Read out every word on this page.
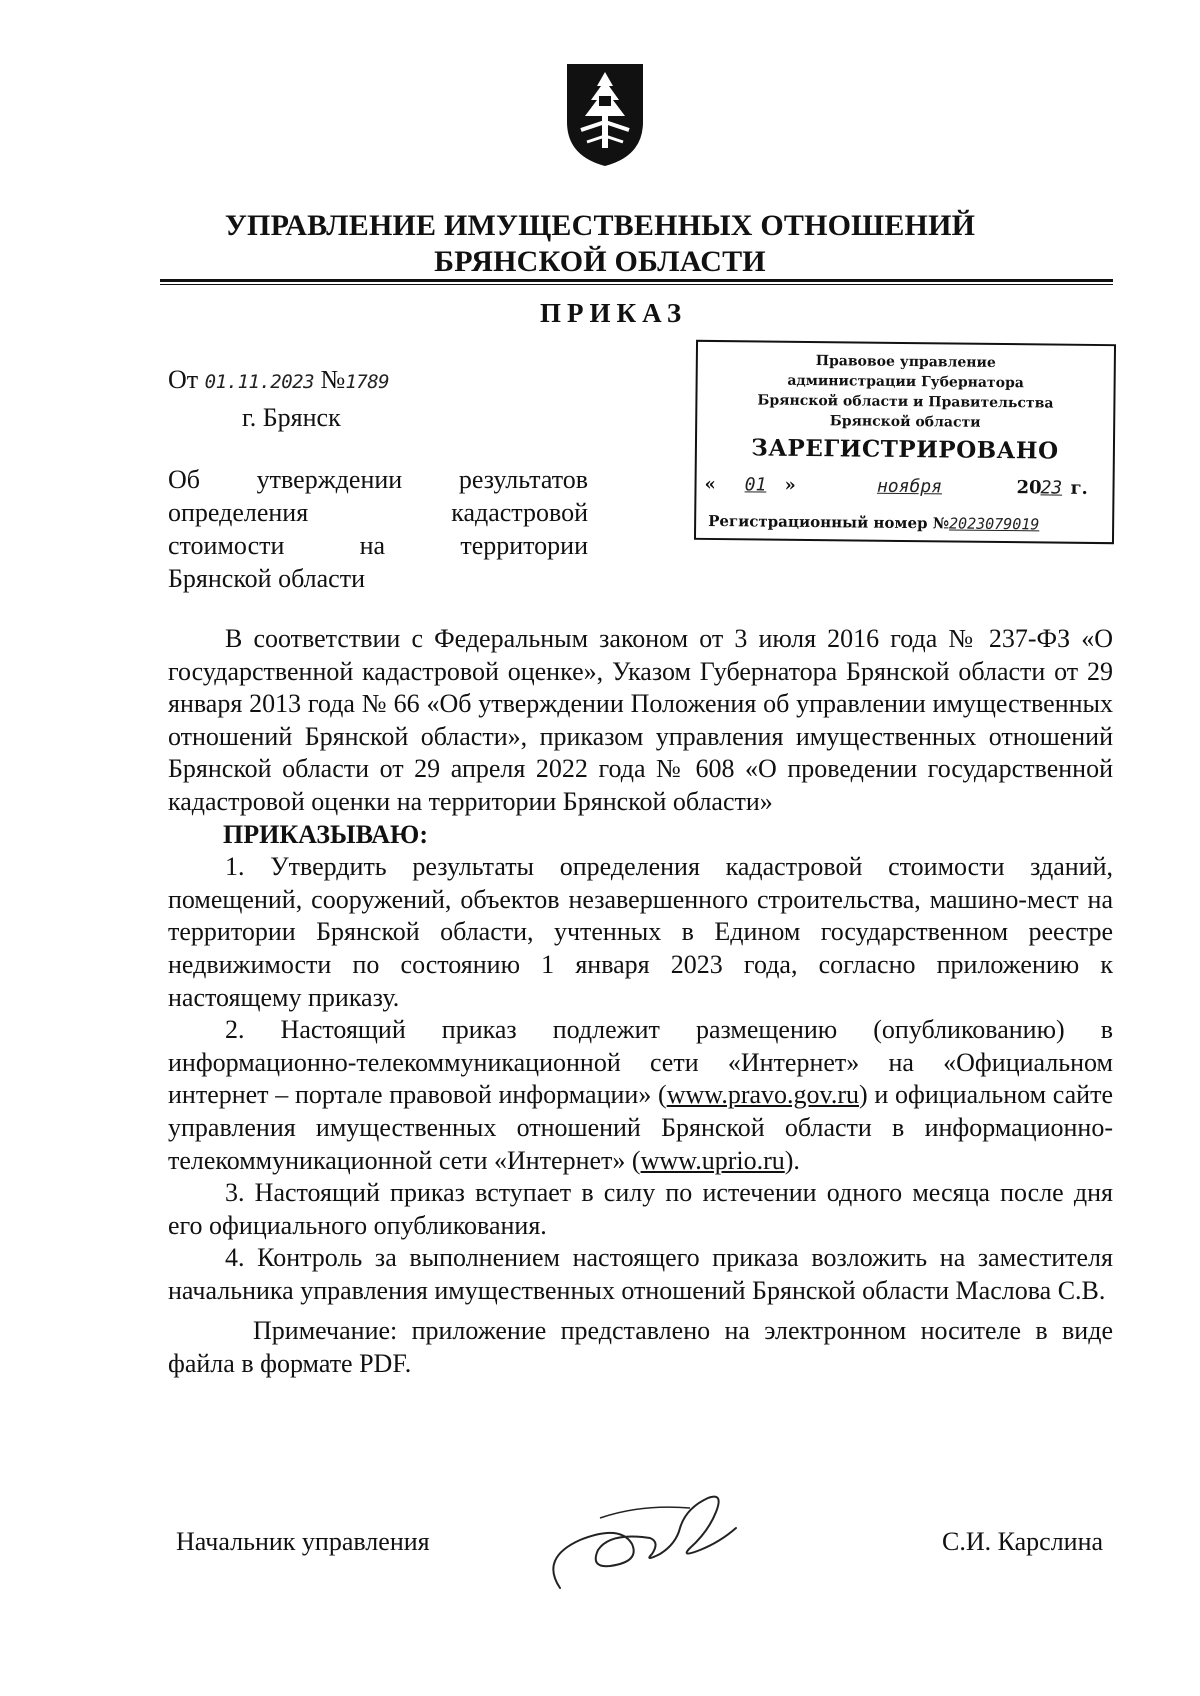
УПРАВЛЕНИЕ ИМУЩЕСТВЕННЫХ ОТНОШЕНИЙ
БРЯНСКОЙ ОБЛАСТИ
ПРИКАЗ
От 01.11.2023 №1789
г. Брянск
Об утверждении результатов
определения кадастровой
стоимости на территории
Брянской области
Правовое управление
администрации Губернатора
Брянской области и Правительства
Брянской области
ЗАРЕГИСТРИРОВАНО
«	01 »	ноября	20
23 г.
Регистрационный номер №2023079019

В соответствии с Федеральным законом от 3 июля 2016 года № 237-ФЗ «О государственной кадастровой оценке», Указом Губернатора Брянской области от 29 января 2013 года № 66 «Об утверждении Положения об управлении имущественных отношений Брянской области», приказом управления имущественных отношений Брянской области от 29 апреля 2022 года № 608 «О проведении государственной кадастровой оценки на территории Брянской области»

ПРИКАЗЫВАЮ:

1. Утвердить результаты определения кадастровой стоимости зданий, помещений, сооружений, объектов незавершенного строительства, машино-мест на территории Брянской области, учтенных в Едином государственном реестре недвижимости по состоянию 1 января 2023 года, согласно приложению к настоящему приказу.

2. Настоящий приказ подлежит размещению (опубликованию) в информационно-телекоммуникационной сети «Интернет» на «Официальном интернет – портале правовой информации» (www.pravo.gov.ru) и официальном сайте управления имущественных отношений Брянской области в информационно-телекоммуникационной сети «Интернет» (www.uprio.ru).

3. Настоящий приказ вступает в силу по истечении одного месяца после дня его официального опубликования.

4. Контроль за выполнением настоящего приказа возложить на заместителя начальника управления имущественных отношений Брянской области Маслова С.В.

Примечание: приложение представлено на электронном носителе в виде файла в формате PDF.

Начальник управления	С.И. Карслина
